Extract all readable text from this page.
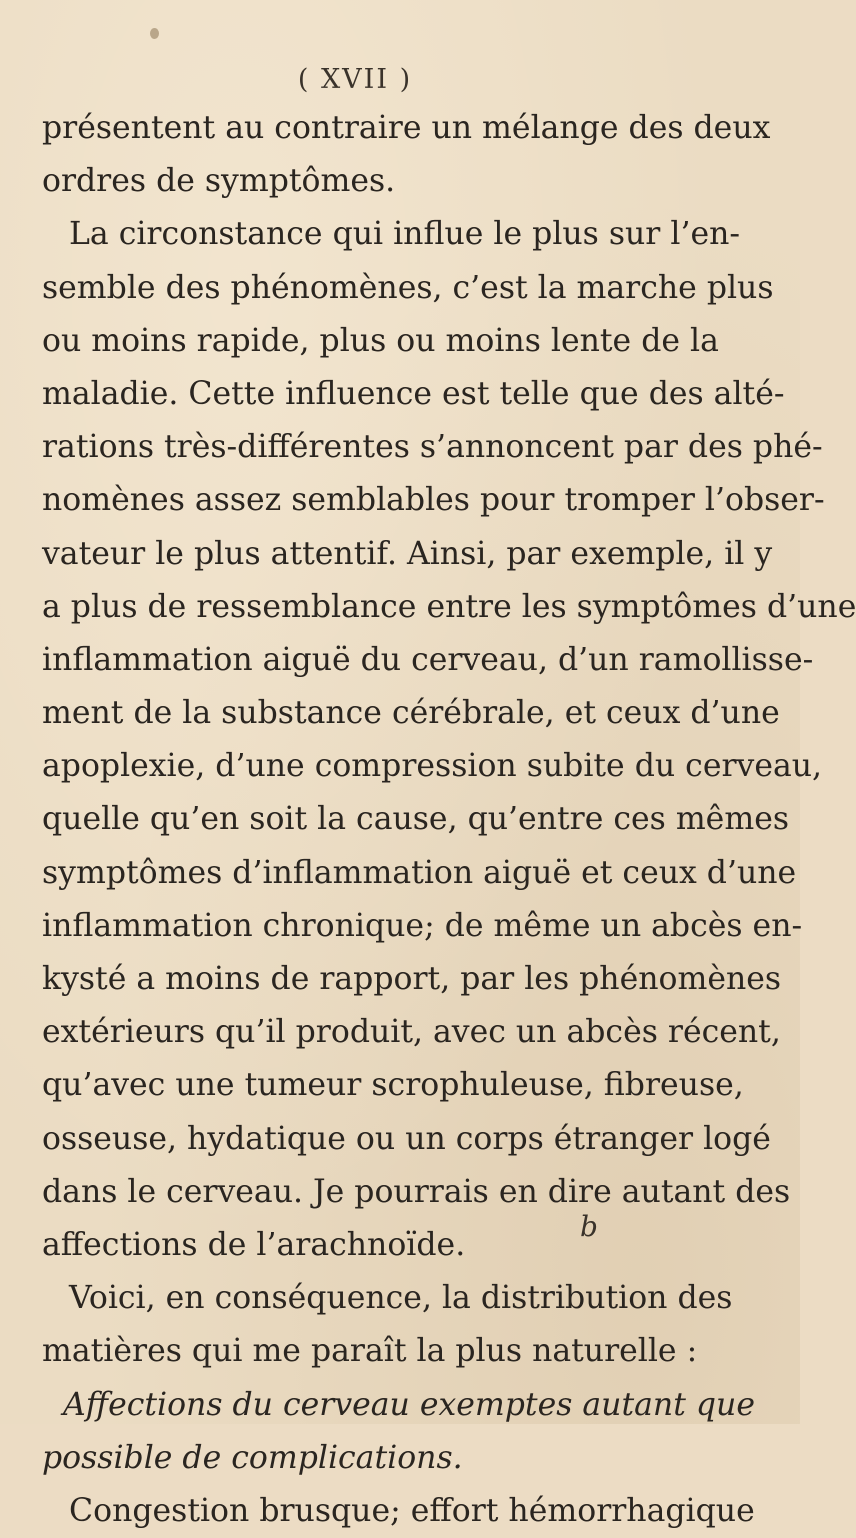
( XVII )
présentent au contraire un mélange des deux
ordres de symptômes.
La circonstance qui influe le plus sur l’en-
semble des phénomènes, c’est la marche plus
ou moins rapide, plus ou moins lente de la
maladie. Cette influence est telle que des alté-
rations très-différentes s’annoncent par des phé-
nomènes assez semblables pour tromper l’obser-
vateur le plus attentif. Ainsi, par exemple, il y
a plus de ressemblance entre les symptômes d’une
inflammation aiguë du cerveau, d’un ramollisse-
ment de la substance cérébrale, et ceux d’une
apoplexie, d’une compression subite du cerveau,
quelle qu’en soit la cause, qu’entre ces mêmes
symptômes d’inflammation aiguë et ceux d’une
inflammation chronique; de même un abcès en-
kysté a moins de rapport, par les phénomènes
extérieurs qu’il produit, avec un abcès récent,
qu’avec une tumeur scrophuleuse, fibreuse,
osseuse, hydatique ou un corps étranger logé
dans le cerveau. Je pourrais en dire autant des
affections de l’arachnoïde.
Voici, en conséquence, la distribution des
matières qui me paraît la plus naturelle :
Affections du cerveau exemptes autant que
possible de complications.
Congestion brusque; effort hémorrhagique
b
